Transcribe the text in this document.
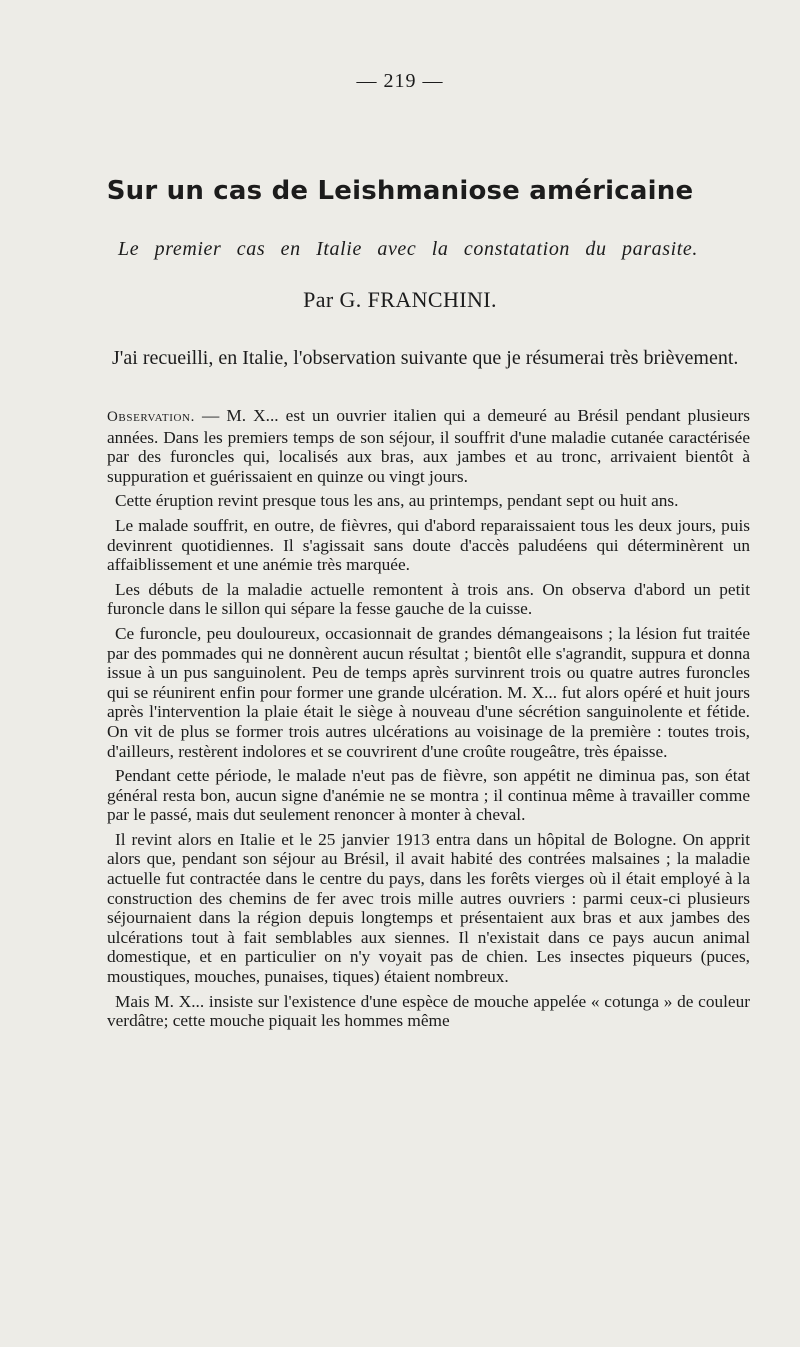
— 219 —
Sur un cas de Leishmaniose américaine
Le premier cas en Italie avec la constatation du parasite.
Par G. FRANCHINI.

J'ai recueilli, en Italie, l'observation suivante que je résumerai très brièvement.

Observation. — M. X... est un ouvrier italien qui a demeuré au Brésil pendant plusieurs années. Dans les premiers temps de son séjour, il souffrit d'une maladie cutanée caractérisée par des furoncles qui, localisés aux bras, aux jambes et au tronc, arrivaient bientôt à suppuration et guérissaient en quinze ou vingt jours.

Cette éruption revint presque tous les ans, au printemps, pendant sept ou huit ans.

Le malade souffrit, en outre, de fièvres, qui d'abord reparaissaient tous les deux jours, puis devinrent quotidiennes. Il s'agissait sans doute d'accès paludéens qui déterminèrent un affaiblissement et une anémie très marquée.

Les débuts de la maladie actuelle remontent à trois ans. On observa d'abord un petit furoncle dans le sillon qui sépare la fesse gauche de la cuisse.

Ce furoncle, peu douloureux, occasionnait de grandes démangeaisons ; la lésion fut traitée par des pommades qui ne donnèrent aucun résultat ; bientôt elle s'agrandit, suppura et donna issue à un pus sanguinolent. Peu de temps après survinrent trois ou quatre autres furoncles qui se réunirent enfin pour former une grande ulcération. M. X... fut alors opéré et huit jours après l'intervention la plaie était le siège à nouveau d'une sécrétion sanguinolente et fétide. On vit de plus se former trois autres ulcérations au voisinage de la première : toutes trois, d'ailleurs, restèrent indolores et se couvrirent d'une croûte rougeâtre, très épaisse.

Pendant cette période, le malade n'eut pas de fièvre, son appétit ne diminua pas, son état général resta bon, aucun signe d'anémie ne se montra ; il continua même à travailler comme par le passé, mais dut seulement renoncer à monter à cheval.

Il revint alors en Italie et le 25 janvier 1913 entra dans un hôpital de Bologne. On apprit alors que, pendant son séjour au Brésil, il avait habité des contrées malsaines ; la maladie actuelle fut contractée dans le centre du pays, dans les forêts vierges où il était employé à la construction des chemins de fer avec trois mille autres ouvriers : parmi ceux-ci plusieurs séjournaient dans la région depuis longtemps et présentaient aux bras et aux jambes des ulcérations tout à fait semblables aux siennes. Il n'existait dans ce pays aucun animal domestique, et en particulier on n'y voyait pas de chien. Les insectes piqueurs (puces, moustiques, mouches, punaises, tiques) étaient nombreux.

Mais M. X... insiste sur l'existence d'une espèce de mouche appelée « cotunga » de couleur verdâtre; cette mouche piquait les hommes même
